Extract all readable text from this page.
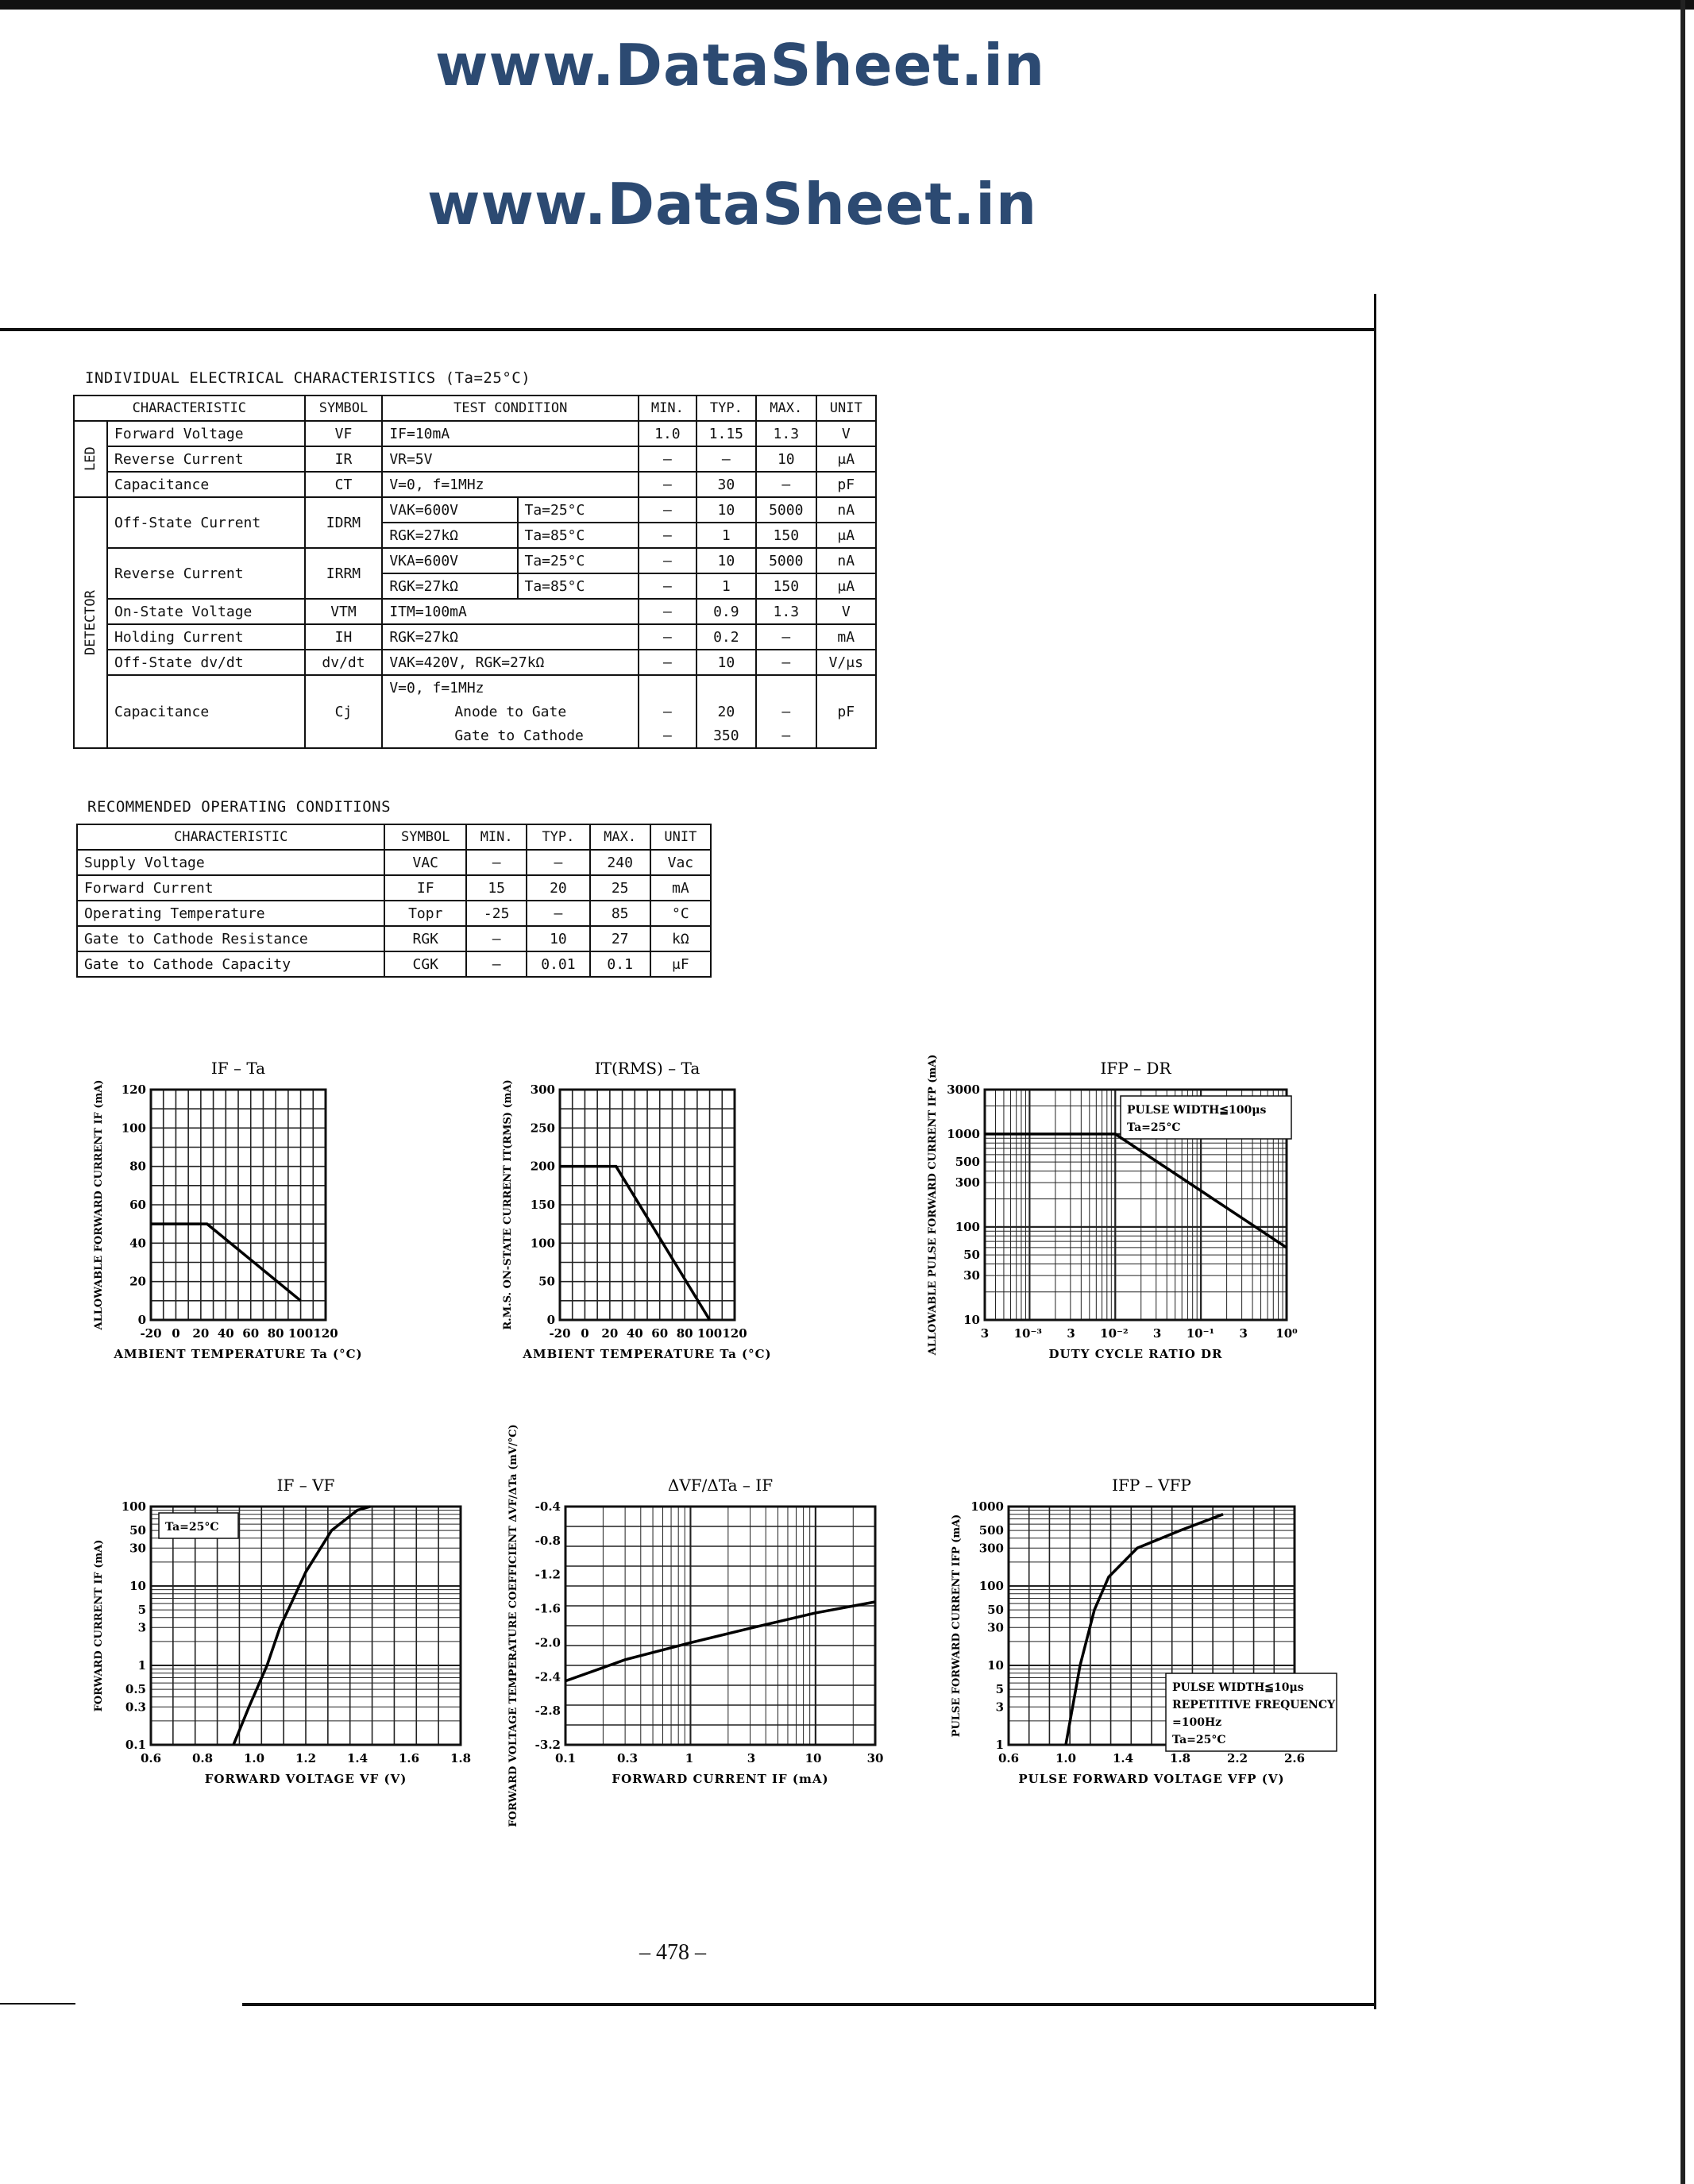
www.DataSheet.in
www.DataSheet.in
INDIVIDUAL ELECTRICAL CHARACTERISTICS (Ta=25°C)
CHARACTERISTIC		SYMBOL	TEST CONDITION		MIN.	TYP.	MAX.	UNIT
LED	Forward Voltage	VF	IF=10mA		1.0	1.15	1.3	V
	Reverse Current	IR	VR=5V		–	–	10	μA
	Capacitance	CT	V=0, f=1MHz		–	30	–	pF
DETECTOR	Off-State Current	IDRM	VAK=600V	Ta=25°C	–	10	5000	nA
			RGK=27kΩ	Ta=85°C	–	1	150	μA
	Reverse Current	IRRM	VKA=600V	Ta=25°C	–	10	5000	nA
			RGK=27kΩ	Ta=85°C	–	1	150	μA
	On-State Voltage	VTM	ITM=100mA		–	0.9	1.3	V
	Holding Current	IH	RGK=27kΩ		–	0.2	–	mA
	Off-State dv/dt	dv/dt	VAK=420V, RGK=27kΩ		–	10	–	V/μs
	Capacitance	Cj	V=0, f=1MHz					pF
			Anode to Gate		–	20	–	
			Gate to Cathode		–	350	–	
RECOMMENDED OPERATING CONDITIONS
CHARACTERISTIC	SYMBOL	MIN.	TYP.	MAX.	UNIT
Supply Voltage	VAC	–	–	240	Vac
Forward Current	IF	15	20	25	mA
Operating Temperature	Topr	-25	–	85	°C
Gate to Cathode Resistance	RGK	–	10	27	kΩ
Gate to Cathode Capacity	CGK	–	0.01	0.1	μF
IF – Ta
-20 0 20 40 60 80 100 120
0
20
40
60
80
100
120
AMBIENT TEMPERATURE Ta (°C)
ALLOWABLE FORWARD CURRENT IF (mA)
IT(RMS) – Ta
-20 0 20 40 60 80 100 120
0
50
100
150
200
250
300
AMBIENT TEMPERATURE Ta (°C)
R.M.S. ON-STATE CURRENT IT(RMS) (mA)
IFP – DR
3 10⁻³ 3 10⁻² 3 10⁻¹ 3 10⁰
10
30
50
100
300
500
1000
3000
DUTY CYCLE RATIO DR
ALLOWABLE PULSE FORWARD CURRENT IFP (mA)	PULSE WIDTH≦100μs
Ta=25°C
IF – VF
0.6	0.8	1.0	1.2	1.4	1.6	1.8
0.1
0.3
0.5
1
3
5
10
30
50
100
FORWARD VOLTAGE VF (V)
FORWARD CURRENT IF (mA)
Ta=25°C
ΔVF/ΔTa – IF
0.1	0.3	1	3	10	30
-3.2
-2.8
-2.4
-2.0
-1.6
-1.2
-0.8
-0.4
FORWARD CURRENT IF (mA)
FORWARD VOLTAGE TEMPERATURE COEFFICIENT ΔVF/ΔTa (mV/°C)	IFP – VFP
0.6	1.0	1.4	1.8	2.2	2.6
1
3
5
10
30
50
100
300
500
1000
PULSE FORWARD VOLTAGE VFP (V)
PULSE FORWARD CURRENT IFP (mA)	PULSE WIDTH≦10μs
REPETITIVE FREQUENCY
=100Hz
Ta=25°C
– 478 –
